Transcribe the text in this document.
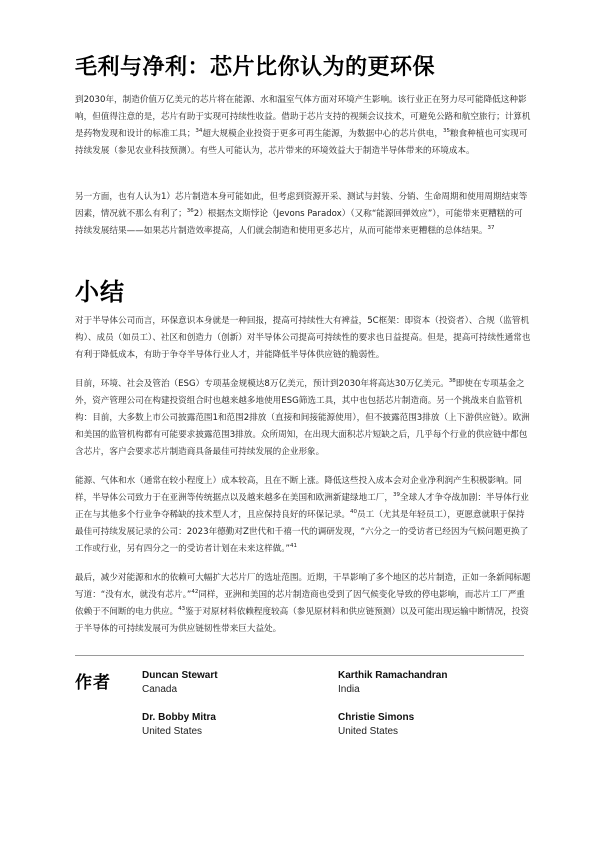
毛利与净利：芯片比你认为的更环保
到2030年，制造价值万亿美元的芯片将在能源、水和温室气体方面对环境产生影响。该行业正在努力尽可能降低这种影响，但值得注意的是，芯片有助于实现可持续性收益。借助于芯片支持的视频会议技术，可避免公路和航空旅行；计算机是药物发现和设计的标准工具；$^{34}$超大规模企业投资于更多可再生能源，为数据中心的芯片供电，$^{35}$粮食种植也可实现可持续发展（参见农业科技预测）。有些人可能认为，芯片带来的环境效益大于制造半导体带来的环境成本。
另一方面，也有人认为1）芯片制造本身可能如此，但考虑到资源开采、测试与封装、分销、生命周期和使用周期结束等因素，情况就不那么有利了；$^{36}$2）根据杰文斯悖论（Jevons Paradox）（又称“能源回弹效应”），可能带来更糟糕的可持续发展结果——如果芯片制造效率提高，人们就会制造和使用更多芯片，从而可能带来更糟糕的总体结果。$^{37}$
小结
对于半导体公司而言，环保意识本身就是一种回报，提高可持续性大有裨益，5C框架：即资本（投资者）、合规（监管机构）、成员（如员工）、社区和创造力（创新）对半导体公司提高可持续性的要求也日益提高。但是，提高可持续性通常也有利于降低成本，有助于争夺半导体行业人才，并能降低半导体供应链的脆弱性。
目前，环境、社会及管治（ESG）专项基金规模达8万亿美元，预计到2030年将高达30万亿美元。$^{38}$即使在专项基金之外，资产管理公司在构建投资组合时也越来越多地使用ESG筛选工具，其中也包括芯片制造商。另一个挑战来自监管机构：目前，大多数上市公司披露范围1和范围2排放（直接和间接能源使用），但不披露范围3排放（上下游供应链）。欧洲和美国的监管机构都有可能要求披露范围3排放。众所周知，在出现大面积芯片短缺之后，几乎每个行业的供应链中都包含芯片，客户会要求芯片制造商具备最佳可持续发展的企业形象。
能源、气体和水（通常在较小程度上）成本较高，且在不断上涨。降低这些投入成本会对企业净利润产生积极影响。同样，半导体公司致力于在亚洲等传统据点以及越来越多在美国和欧洲新建绿地工厂，$^{39}$全球人才争夺战加剧：半导体行业正在与其他多个行业争夺稀缺的技术型人才，且应保持良好的环保记录。$^{40}$员工（尤其是年轻员工），更愿意就职于保持最佳可持续发展记录的公司：2023年德勤对Z世代和千禧一代的调研发现，“六分之一的受访者已经因为气候问题更换了工作或行业，另有四分之一的受访者计划在未来这样做。”$^{41}$
最后，减少对能源和水的依赖可大幅扩大芯片厂的选址范围。近期，干旱影响了多个地区的芯片制造，正如一条新闻标题写道：“没有水，就没有芯片。”$^{42}$同样，亚洲和美国的芯片制造商也受到了因气候变化导致的停电影响，而芯片工厂严重依赖于不间断的电力供应。$^{43}$鉴于对原材料依赖程度较高（参见原材料和供应链预测）以及可能出现运输中断情况，投资于半导体的可持续发展可为供应链韧性带来巨大益处。
作者	Duncan Stewart
Canada
Karthik Ramachandran
India
Dr. Bobby Mitra
United States
Christie Simons
United States
